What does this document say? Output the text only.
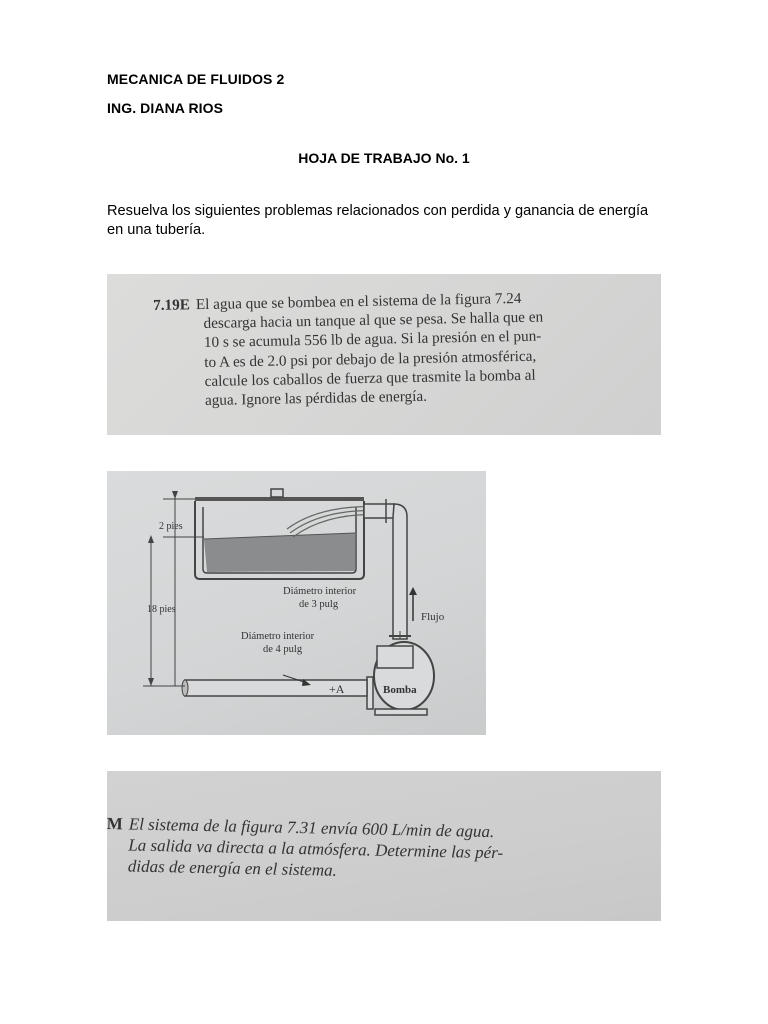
MECANICA DE FLUIDOS 2
ING. DIANA RIOS
HOJA DE TRABAJO No. 1
Resuelva los siguientes problemas relacionados con perdida y ganancia de energía en una tubería.
7.19E El agua que se bombea en el sistema de la figura 7.24
descarga hacia un tanque al que se pesa. Se halla que en
10 s se acumula 556 lb de agua. Si la presión en el pun-
to A es de 2.0 psi por debajo de la presión atmosférica,
calcule los caballos de fuerza que trasmite la bomba al
agua. Ignore las pérdidas de energía.
2 pies
18 pies
Diámetro interior
de 3 pulg
Flujo
Diámetro interior
de 4 pulg
+A	Bomba
M El sistema de la figura 7.31 envía 600 L/min de agua.
La salida va directa a la atmósfera. Determine las pér-
didas de energía en el sistema.
